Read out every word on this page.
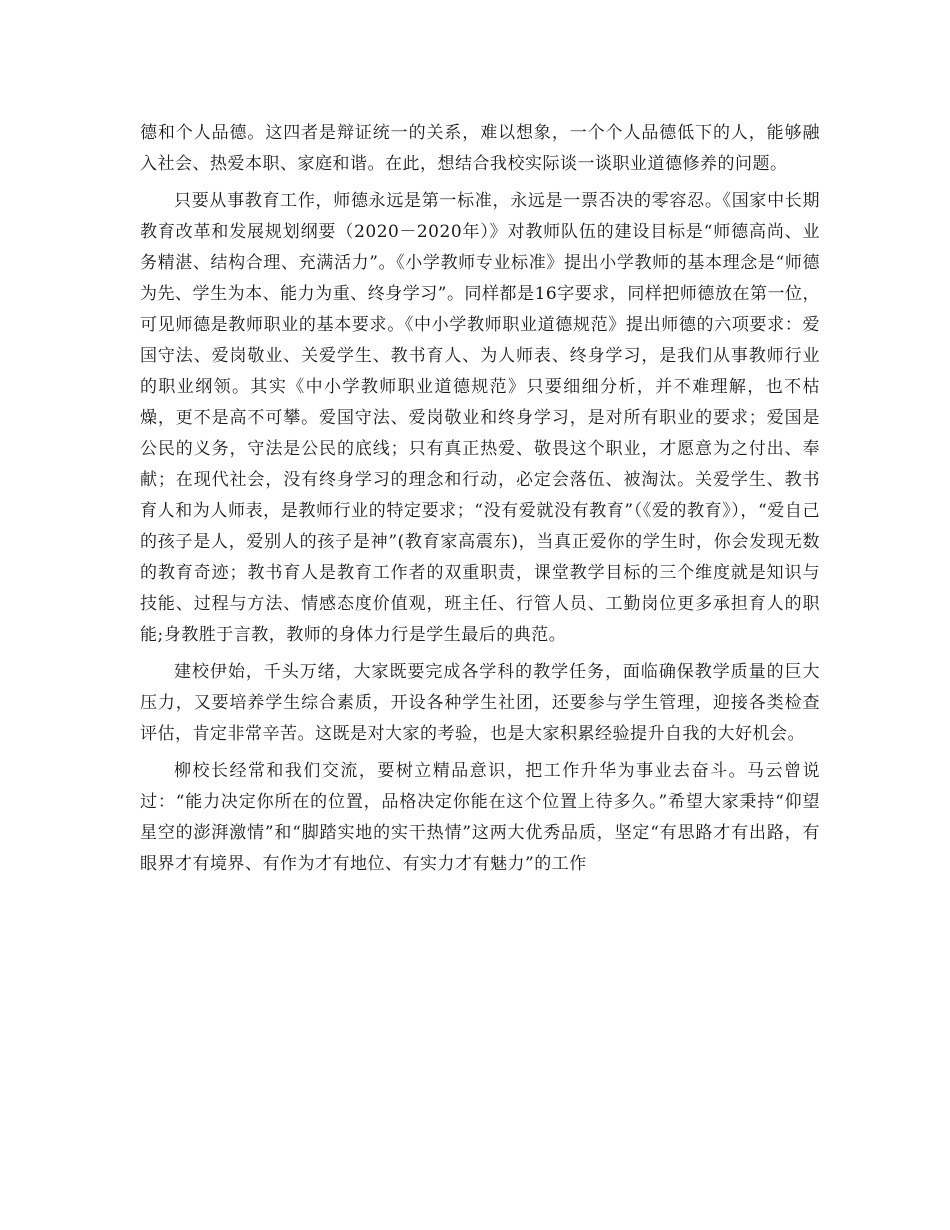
德和个人品德。这四者是辩证统一的关系，难以想象，一个个人品德低下的人，能够融入社会、热爱本职、家庭和谐。在此，想结合我校实际谈一谈职业道德修养的问题。

只要从事教育工作，师德永远是第一标准，永远是一票否决的零容忍。《国家中长期教育改革和发展规划纲要（2020－2020年）》对教师队伍的建设目标是“师德高尚、业务精湛、结构合理、充满活力”。《小学教师专业标准》提出小学教师的基本理念是“师德为先、学生为本、能力为重、终身学习”。同样都是16字要求，同样把师德放在第一位，可见师德是教师职业的基本要求。《中小学教师职业道德规范》提出师德的六项要求：爱国守法、爱岗敬业、关爱学生、教书育人、为人师表、终身学习，是我们从事教师行业的职业纲领。其实《中小学教师职业道德规范》只要细细分析，并不难理解，也不枯燥，更不是高不可攀。爱国守法、爱岗敬业和终身学习，是对所有职业的要求；爱国是公民的义务，守法是公民的底线；只有真正热爱、敬畏这个职业，才愿意为之付出、奉献；在现代社会，没有终身学习的理念和行动，必定会落伍、被淘汰。关爱学生、教书育人和为人师表，是教师行业的特定要求；“没有爱就没有教育”（《爱的教育》），“爱自己的孩子是人，爱别人的孩子是神”(教育家高震东)，当真正爱你的学生时，你会发现无数的教育奇迹；教书育人是教育工作者的双重职责，课堂教学目标的三个维度就是知识与技能、过程与方法、情感态度价值观，班主任、行管人员、工勤岗位更多承担育人的职能;身教胜于言教，教师的身体力行是学生最后的典范。

建校伊始，千头万绪，大家既要完成各学科的教学任务，面临确保教学质量的巨大压力，又要培养学生综合素质，开设各种学生社团，还要参与学生管理，迎接各类检查评估，肯定非常辛苦。这既是对大家的考验，也是大家积累经验提升自我的大好机会。

柳校长经常和我们交流，要树立精品意识，把工作升华为事业去奋斗。马云曾说过：“能力决定你所在的位置，品格决定你能在这个位置上待多久。”希望大家秉持“仰望星空的澎湃激情”和“脚踏实地的实干热情”这两大优秀品质，坚定“有思路才有出路，有眼界才有境界、有作为才有地位、有实力才有魅力”的工作
